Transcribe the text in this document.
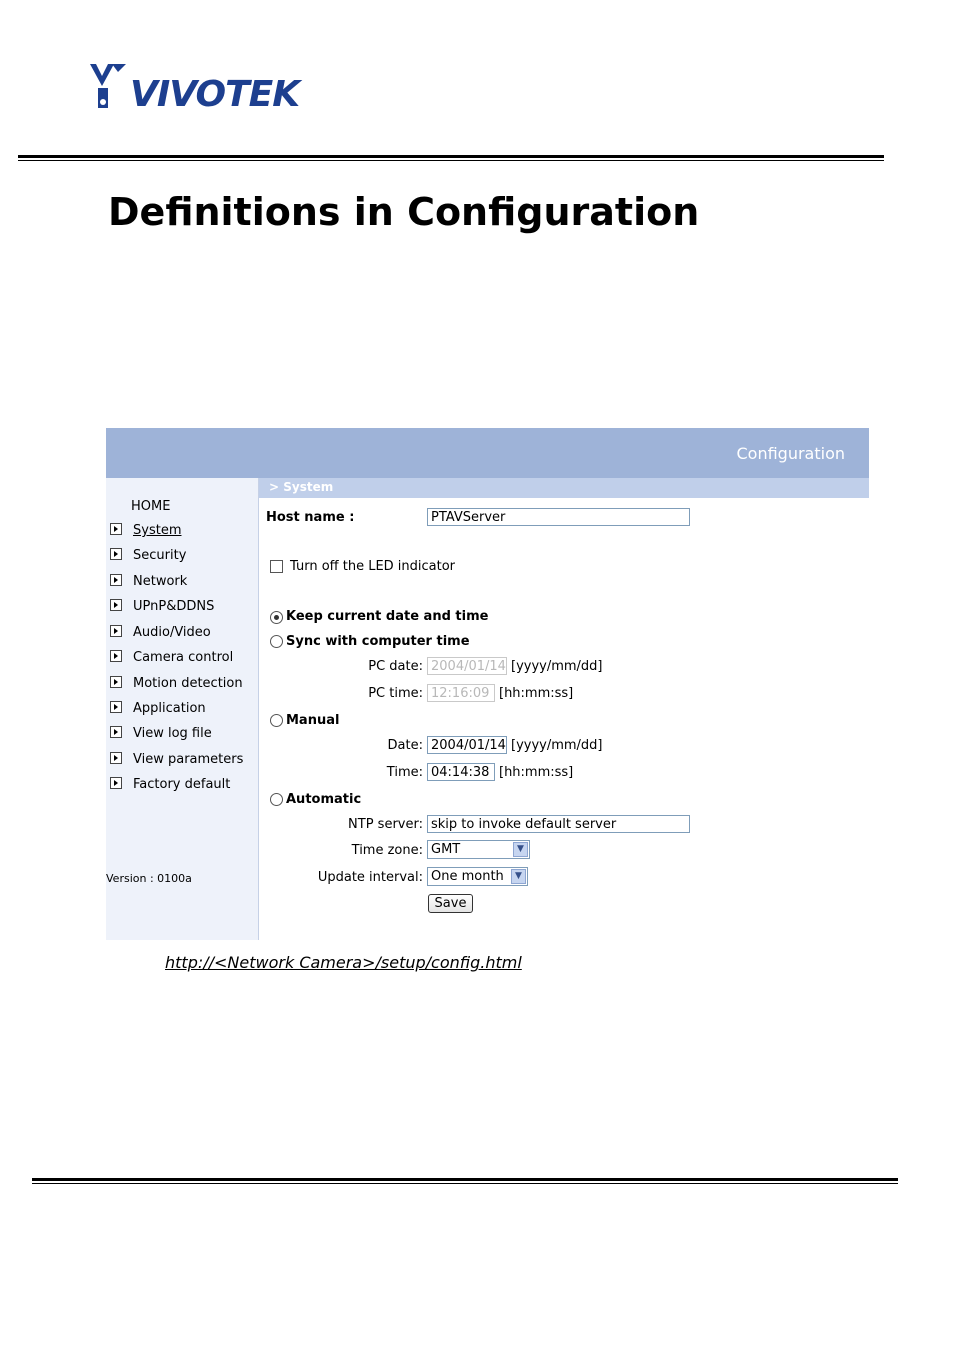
VIVOTEK
Definitions in Configuration
Configuration
HOME
System
Security
Network
UPnP&DDNS
Audio/Video
Camera control
Motion detection
Application
View log file
View parameters
Factory default
Version : 0100a
> System
Host name :	PTAVServer
Turn off the LED indicator
Keep current date and time
Sync with computer time
PC date: 2004/01/14 [yyyy/mm/dd]
PC time: 12:16:09 [hh:mm:ss]
Manual
Date: 2004/01/14 [yyyy/mm/dd]
Time: 04:14:38 [hh:mm:ss]
Automatic
NTP server: skip to invoke default server
Time zone: GMT	▼
Update interval: One month	▼
Save
http://<Network Camera>/setup/config.html
